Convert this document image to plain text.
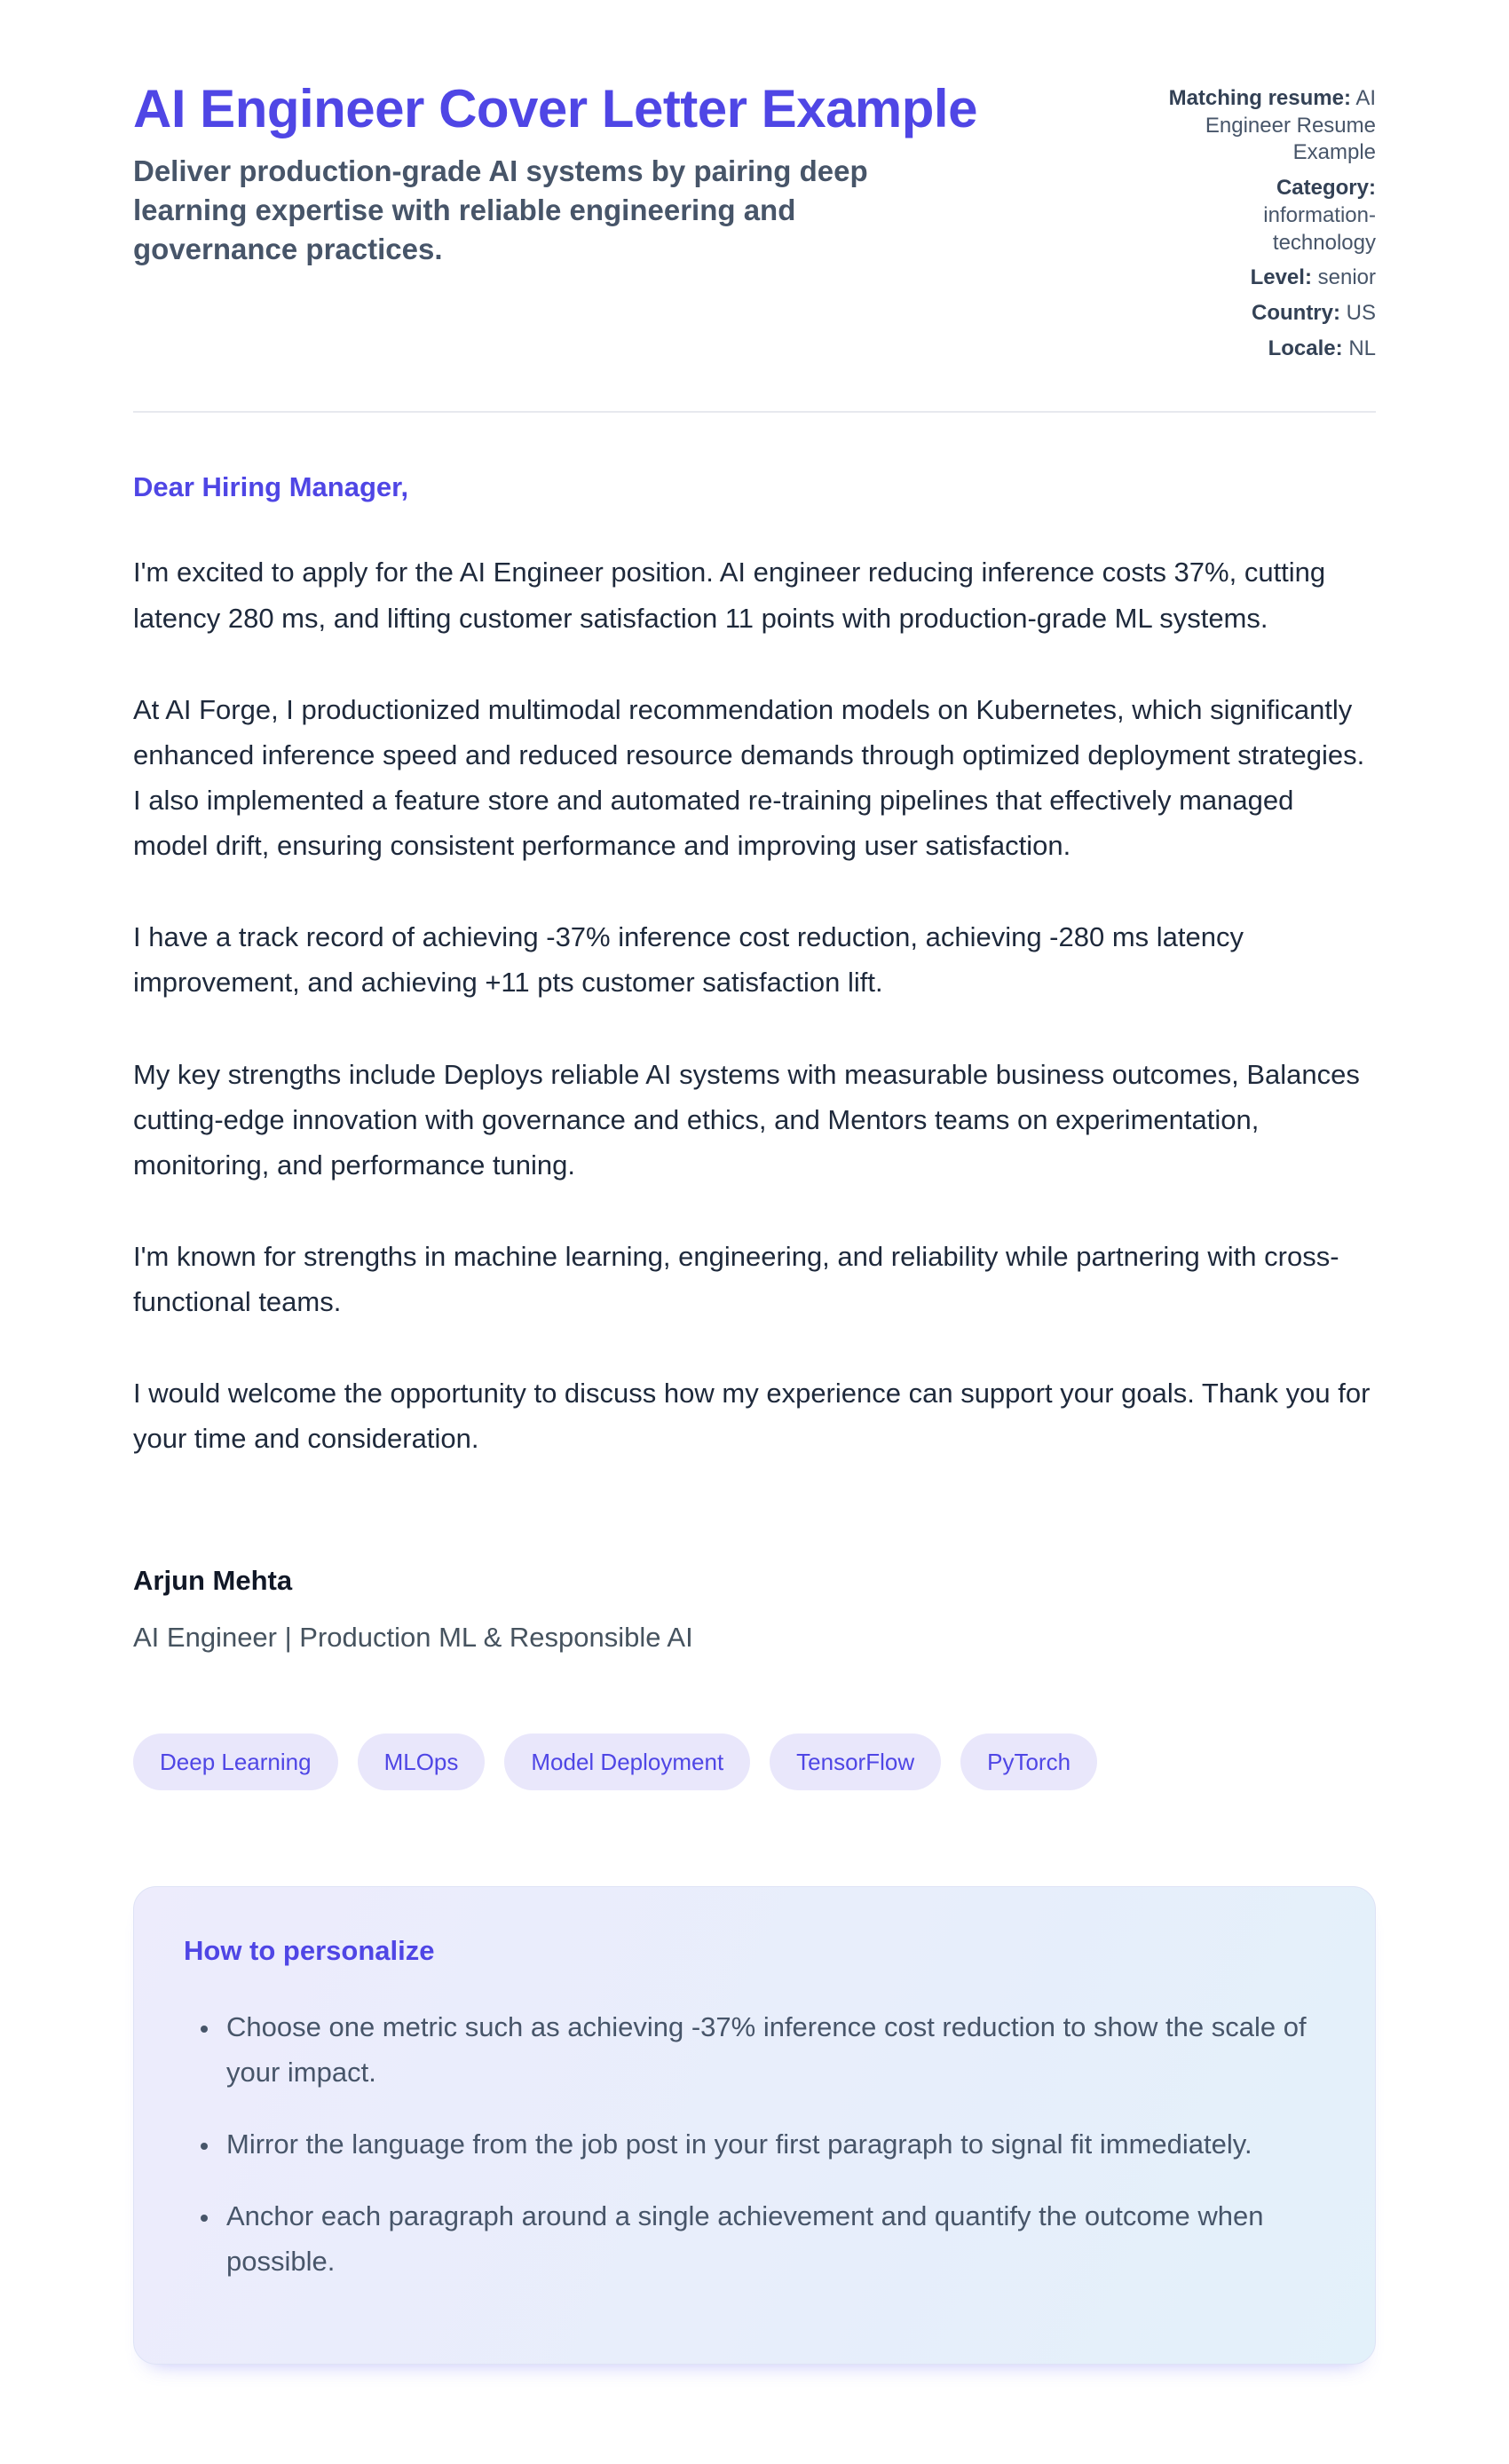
AI Engineer Cover Letter Example

Deliver production-grade AI systems by pairing deep learning expertise with reliable engineering and governance practices.

Matching resume: AI Engineer Resume Example
Category: information-technology
Level: senior
Country: US
Locale: NL

Dear Hiring Manager,

I'm excited to apply for the AI Engineer position. AI engineer reducing inference costs 37%, cutting latency 280 ms, and lifting customer satisfaction 11 points with production-grade ML systems.

At AI Forge, I productionized multimodal recommendation models on Kubernetes, which significantly enhanced inference speed and reduced resource demands through optimized deployment strategies. I also implemented a feature store and automated re-training pipelines that effectively managed model drift, ensuring consistent performance and improving user satisfaction.

I have a track record of achieving -37% inference cost reduction, achieving -280 ms latency improvement, and achieving +11 pts customer satisfaction lift.

My key strengths include Deploys reliable AI systems with measurable business outcomes, Balances cutting-edge innovation with governance and ethics, and Mentors teams on experimentation, monitoring, and performance tuning.

I'm known for strengths in machine learning, engineering, and reliability while partnering with cross-functional teams.

I would welcome the opportunity to discuss how my experience can support your goals. Thank you for your time and consideration.

Arjun Mehta

AI Engineer | Production ML & Responsible AI

Deep Learning	MLOps	Model Deployment	TensorFlow	PyTorch
How to personalize
• Choose one metric such as achieving -37% inference cost reduction to show the scale of your impact.
• Mirror the language from the job post in your first paragraph to signal fit immediately.
• Anchor each paragraph around a single achievement and quantify the outcome when possible.
